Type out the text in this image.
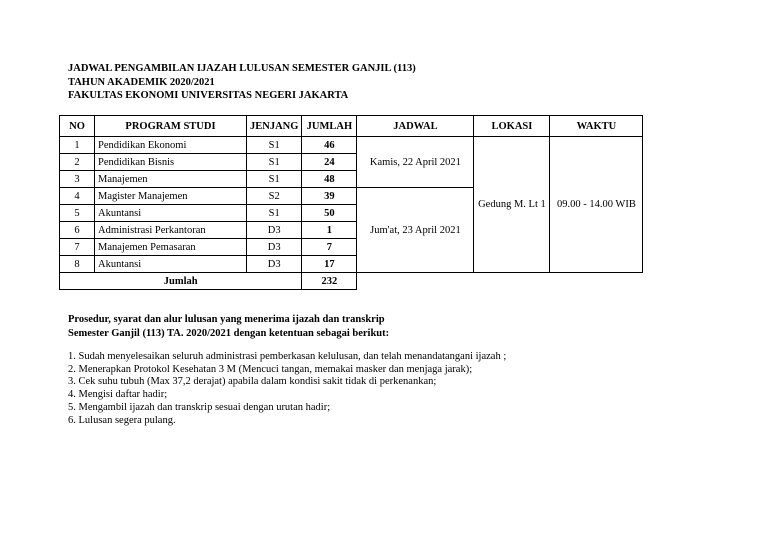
JADWAL PENGAMBILAN IJAZAH LULUSAN SEMESTER GANJIL (113)
TAHUN AKADEMIK 2020/2021
FAKULTAS EKONOMI UNIVERSITAS NEGERI JAKARTA
NO	PROGRAM STUDI	JENJANG	JUMLAH	JADWAL	LOKASI	WAKTU
1	Pendidikan Ekonomi	S1	46	Kamis, 22 April 2021	Gedung M. Lt 1	09.00 - 14.00 WIB
2	Pendidikan Bisnis	S1	24			
3	Manajemen	S1	48			
4	Magister Manajemen	S2	39	Jum'at, 23 April 2021		
5	Akuntansi	S1	50			
6	Administrasi Perkantoran	D3	1			
7	Manajemen Pemasaran	D3	7			
8	Akuntansi	D3	17			
Jumlah			232			
Prosedur, syarat dan alur lulusan yang menerima ijazah dan transkrip
Semester Ganjil (113) TA. 2020/2021 dengan ketentuan sebagai berikut:
1. Sudah menyelesaikan seluruh administrasi pemberkasan kelulusan, dan telah menandatangani ijazah ;
2. Menerapkan Protokol Kesehatan 3 M (Mencuci tangan, memakai masker dan menjaga jarak);
3. Cek suhu tubuh (Max 37,2 derajat) apabila dalam kondisi sakit tidak di perkenankan;
4. Mengisi daftar hadir;
5. Mengambil ijazah dan transkrip sesuai dengan urutan hadir;
6. Lulusan segera pulang.
